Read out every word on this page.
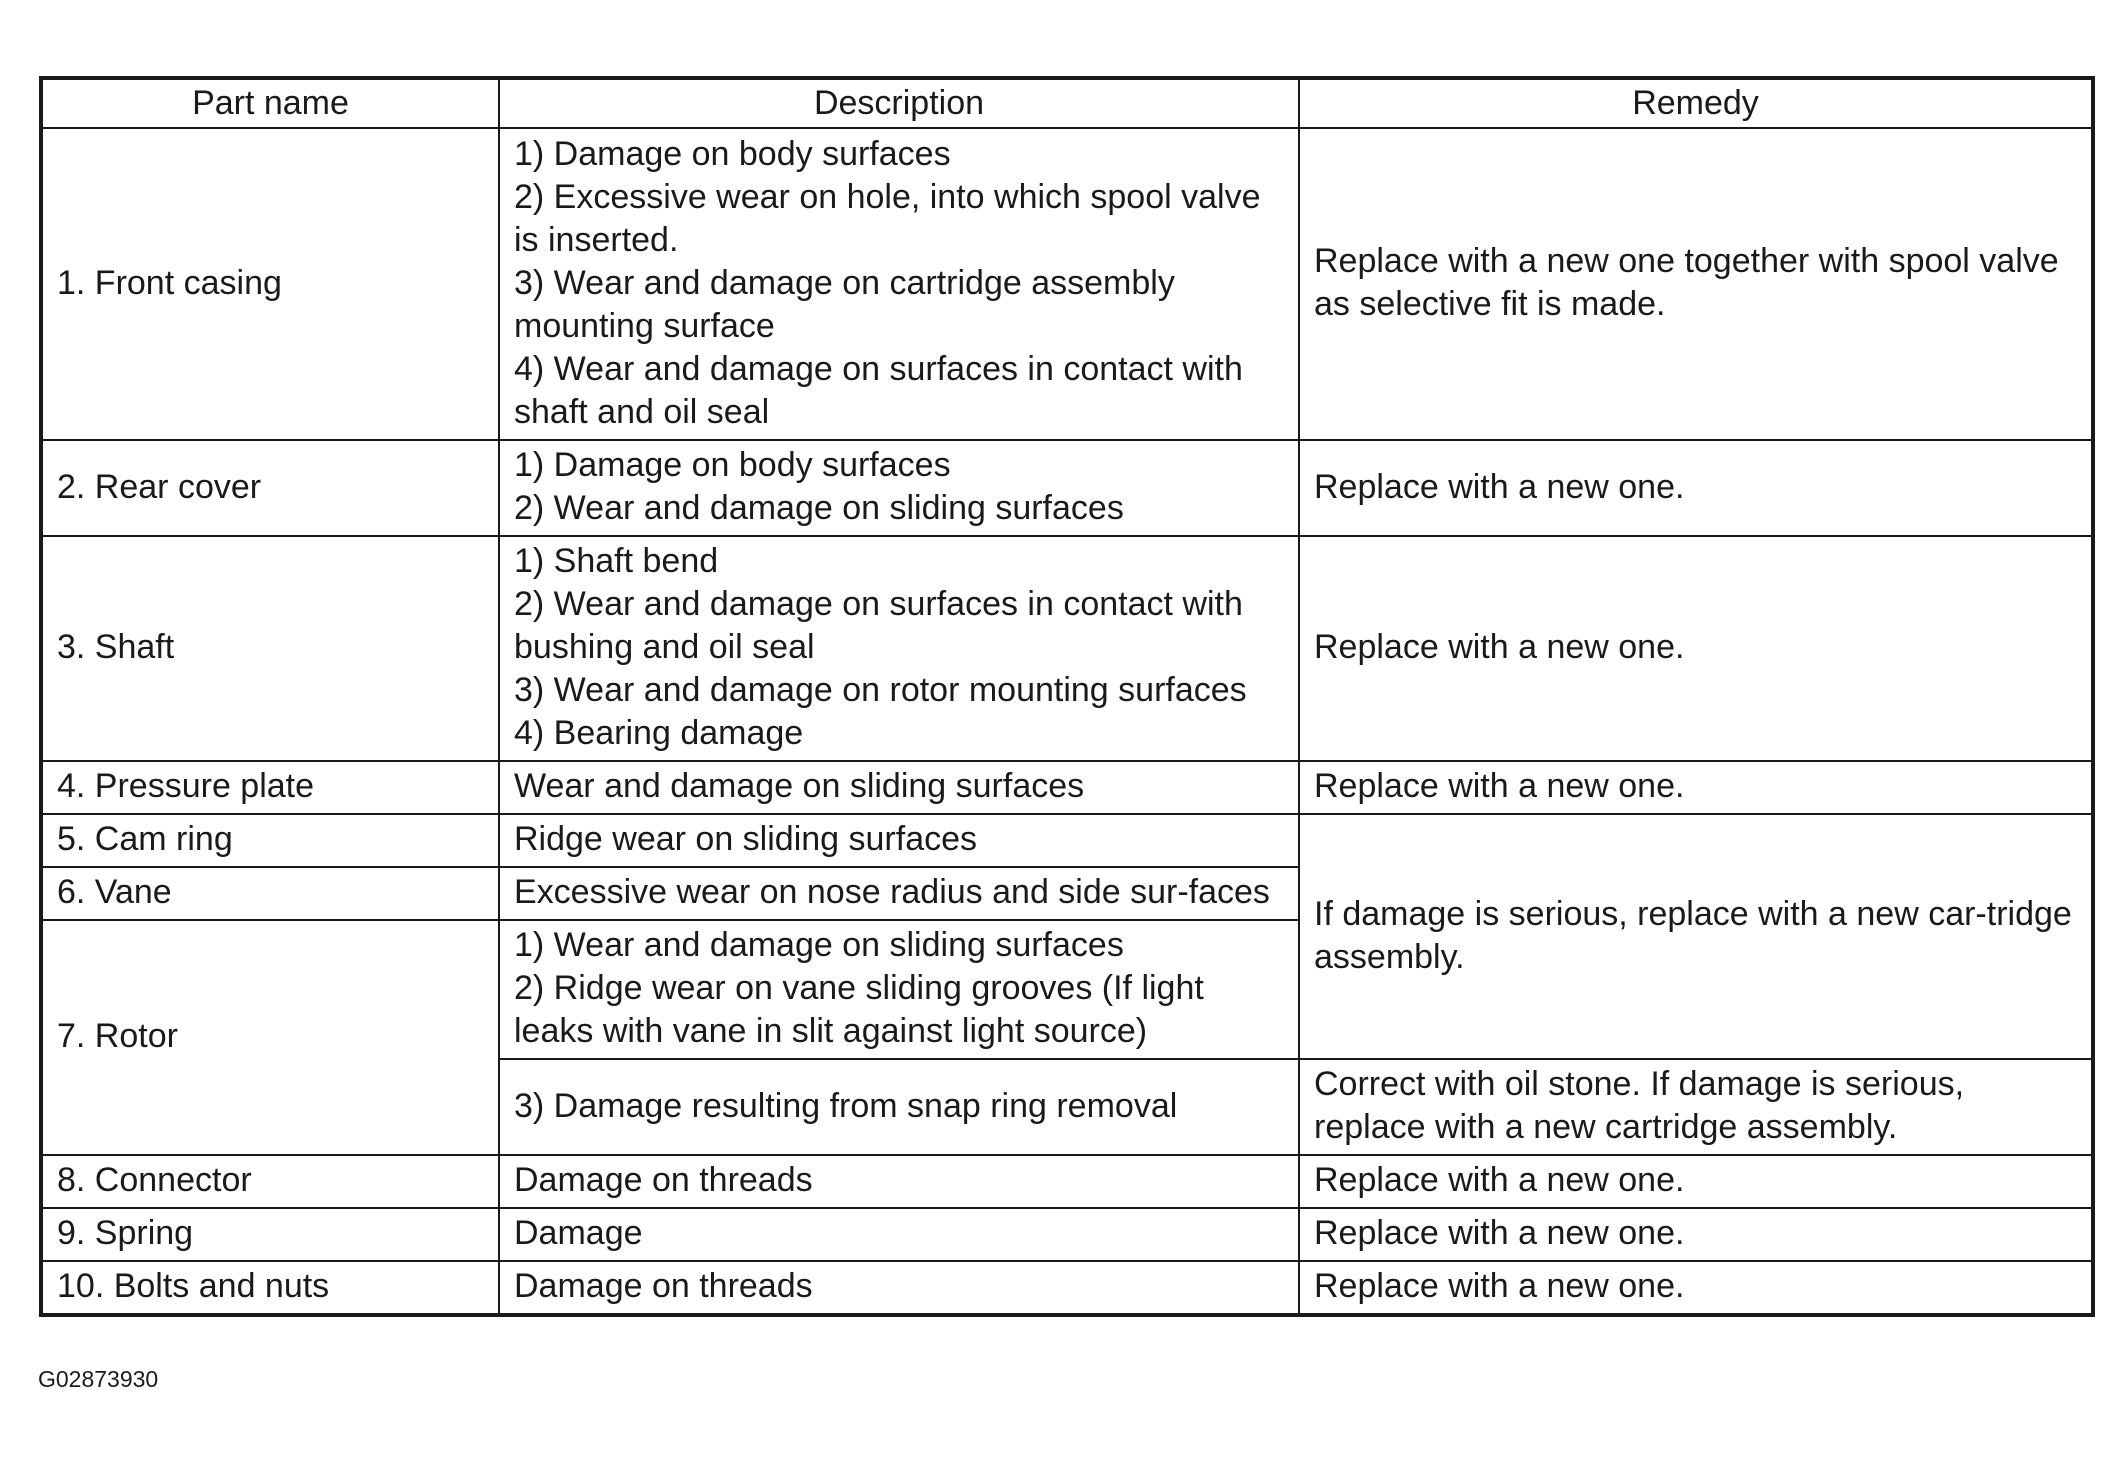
Part name	Description	Remedy
1. Front casing	1) Damage on body surfaces
2) Excessive wear on hole, into which spool valve is inserted.
3) Wear and damage on cartridge assembly mounting surface
4) Wear and damage on surfaces in contact with shaft and oil seal	Replace with a new one together with spool valve as selective fit is made.
2. Rear cover	1) Damage on body surfaces
2) Wear and damage on sliding surfaces	Replace with a new one.
3. Shaft	1) Shaft bend
2) Wear and damage on surfaces in contact with bushing and oil seal
3) Wear and damage on rotor mounting surfaces
4) Bearing damage	Replace with a new one.
4. Pressure plate	Wear and damage on sliding surfaces	Replace with a new one.
5. Cam ring	Ridge wear on sliding surfaces	If damage is serious, replace with a new car-tridge assembly.
6. Vane	Excessive wear on nose radius and side sur-faces	
7. Rotor	1) Wear and damage on sliding surfaces
2) Ridge wear on vane sliding grooves (If light leaks with vane in slit against light source)	

	3) Damage resulting from snap ring removal	Correct with oil stone. If damage is serious, replace with a new cartridge assembly.
8. Connector	Damage on threads	Replace with a new one.
9. Spring	Damage	Replace with a new one.
10. Bolts and nuts	Damage on threads	Replace with a new one.
G02873930
